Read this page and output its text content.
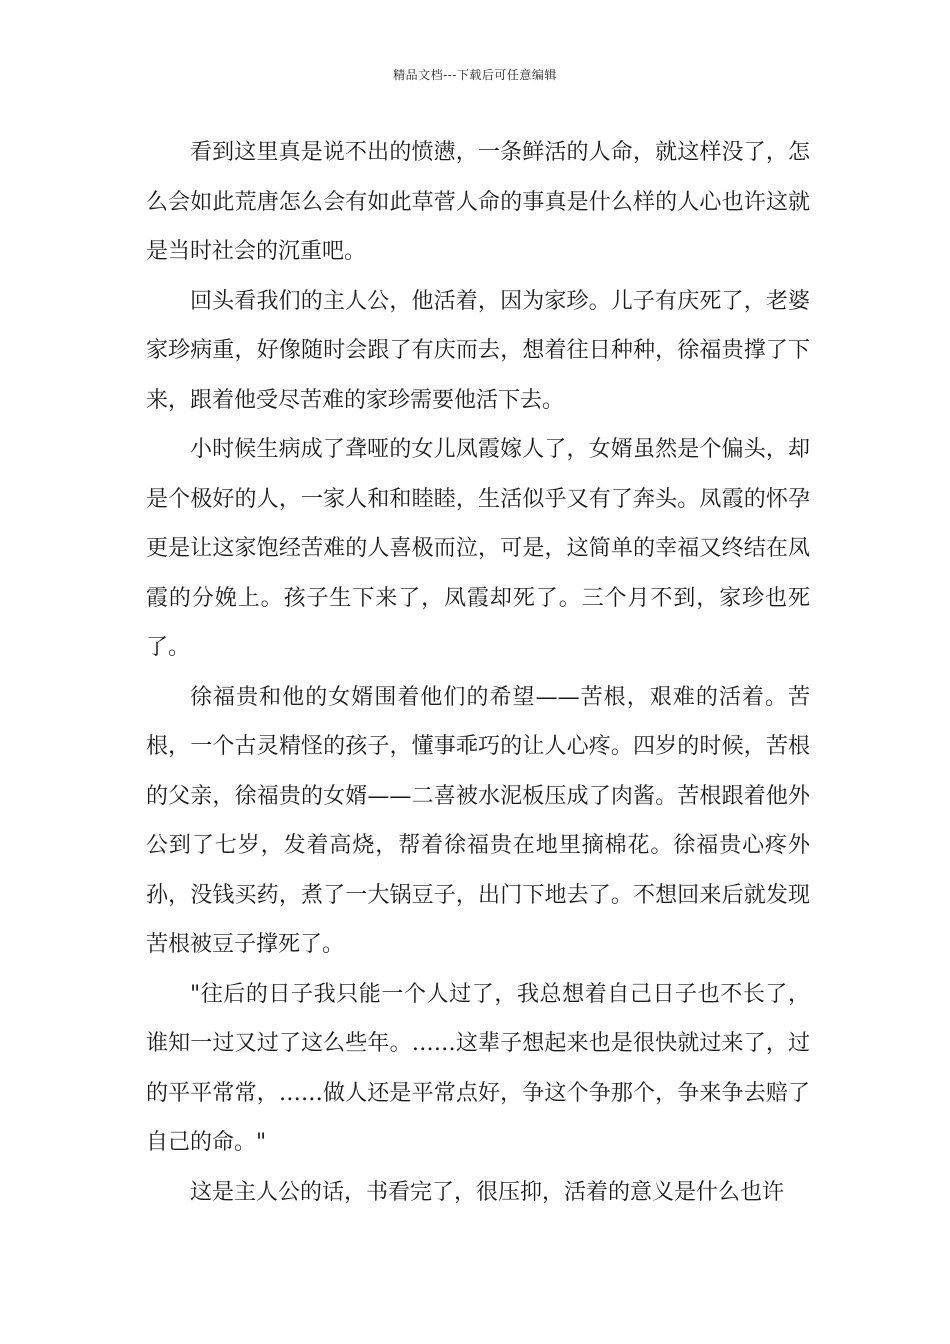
精品文档---下载后可任意编辑

看到这里真是说不出的愤懑，一条鲜活的人命，就这样没了，怎么会如此荒唐怎么会有如此草菅人命的事真是什么样的人心也许这就是当时社会的沉重吧。

回头看我们的主人公，他活着，因为家珍。儿子有庆死了，老婆家珍病重，好像随时会跟了有庆而去，想着往日种种，徐福贵撑了下来，跟着他受尽苦难的家珍需要他活下去。

小时候生病成了聋哑的女儿凤霞嫁人了，女婿虽然是个偏头，却是个极好的人，一家人和和睦睦，生活似乎又有了奔头。凤霞的怀孕更是让这家饱经苦难的人喜极而泣，可是，这简单的幸福又终结在凤霞的分娩上。孩子生下来了，凤霞却死了。三个月不到，家珍也死了。

徐福贵和他的女婿围着他们的希望——苦根，艰难的活着。苦根，一个古灵精怪的孩子，懂事乖巧的让人心疼。四岁的时候，苦根的父亲，徐福贵的女婿——二喜被水泥板压成了肉酱。苦根跟着他外公到了七岁，发着高烧，帮着徐福贵在地里摘棉花。徐福贵心疼外孙，没钱买药，煮了一大锅豆子，出门下地去了。不想回来后就发现苦根被豆子撑死了。

"往后的日子我只能一个人过了，我总想着自己日子也不长了，谁知一过又过了这么些年。……这辈子想起来也是很快就过来了，过的平平常常，……做人还是平常点好，争这个争那个，争来争去赔了自己的命。"

这是主人公的话，书看完了，很压抑，活着的意义是什么也许
